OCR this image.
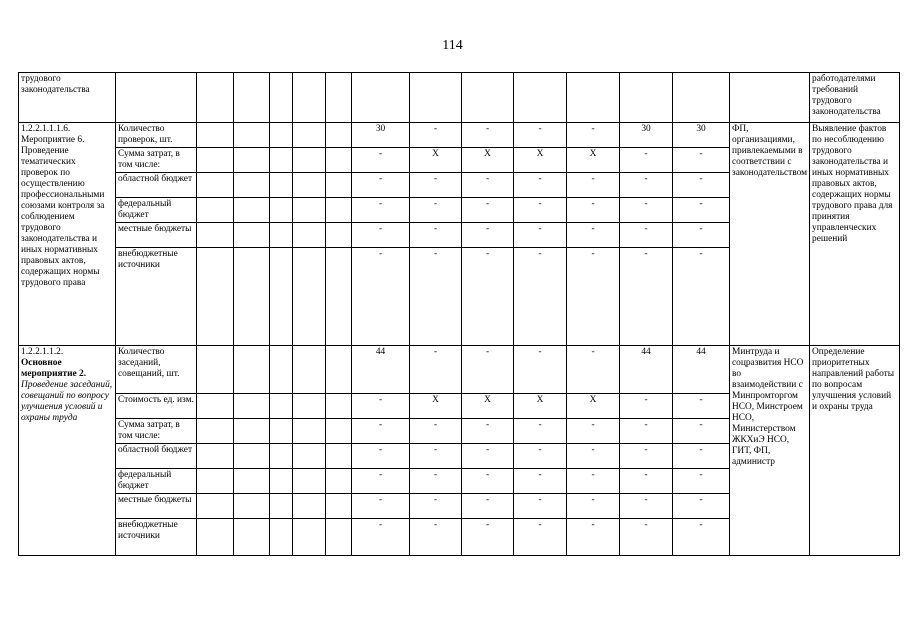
114
трудового законодательства															работодателями требований трудового законодательства

1.2.2.1.1.1.6.
Мероприятие 6. Проведение тематических проверок по осуществлению профессиональными союзами контроля за соблюдением трудового законодательства и иных нормативных правовых актов, содержащих нормы трудового права	Количество проверок, шт.						30	-	-	-	-	30	30	ФП, организациями, привлекаемыми в соответствии с законодательством	Выявление фактов по несоблюдению трудового законодательства и иных нормативных правовых актов, содержащих нормы трудового права для принятия управленческих решений
	Сумма затрат, в том числе:						-	X	X	X	X	-	-		
	областной бюджет						-	-	-	-	-	-	-		
	федеральный бюджет						-	-	-	-	-	-	-		
	местные бюджеты						-	-	-	-	-	-	-		
	внебюджетные источники						-	-	-	-	-	-	-		

1.2.2.1.1.2.
Основное мероприятие 2.
Проведение заседаний, совещаний по вопросу улучшения условий и охраны труда	Количество заседаний, совещаний, шт.						44	-	-	-	-	44	44	Минтруда и соцразвития НСО во взаимодействии с Минпромторгом НСО, Минстроем НСО, Министерством ЖКХиЭ НСО, ГИТ, ФП, администр	Определение приоритетных направлений работы по вопросам улучшения условий и охраны труда
	Стоимость ед. изм.						-	X	X	X	X	-	-		
	Сумма затрат, в том числе:						-	-	-	-	-	-	-		
	областной бюджет						-	-	-	-	-	-	-		
	федеральный бюджет						-	-	-	-	-	-	-		
	местные бюджеты						-	-	-	-	-	-	-		
	внебюджетные источники						-	-	-	-	-	-	-		
